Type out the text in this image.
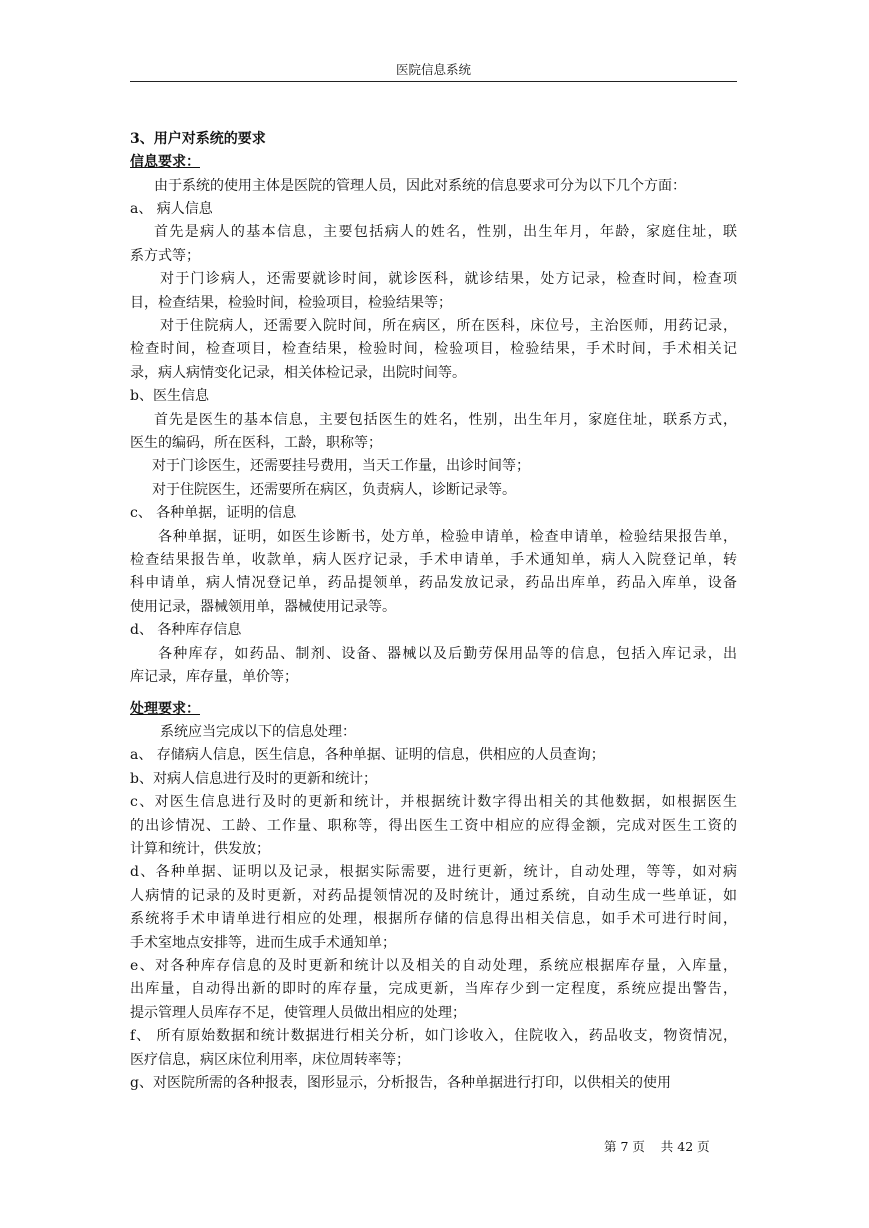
医院信息系统
3、用户对系统的要求
信息要求：
由于系统的使用主体是医院的管理人员，因此对系统的信息要求可分为以下几个方面：
a、 病人信息
首先是病人的基本信息，主要包括病人的姓名，性别，出生年月，年龄，家庭住址，联
系方式等；
对于门诊病人，还需要就诊时间，就诊医科，就诊结果，处方记录，检查时间，检查项
目，检查结果，检验时间，检验项目，检验结果等；
对于住院病人，还需要入院时间，所在病区，所在医科，床位号，主治医师，用药记录，
检查时间，检查项目，检查结果，检验时间，检验项目，检验结果，手术时间，手术相关记
录，病人病情变化记录，相关体检记录，出院时间等。
b、医生信息
首先是医生的基本信息，主要包括医生的姓名，性别，出生年月，家庭住址，联系方式，
医生的编码，所在医科，工龄，职称等；
对于门诊医生，还需要挂号费用，当天工作量，出诊时间等；
对于住院医生，还需要所在病区，负责病人，诊断记录等。
c、 各种单据，证明的信息
各种单据，证明，如医生诊断书，处方单，检验申请单，检查申请单，检验结果报告单，
检查结果报告单，收款单，病人医疗记录，手术申请单，手术通知单，病人入院登记单，转
科申请单，病人情况登记单，药品提领单，药品发放记录，药品出库单，药品入库单，设备
使用记录，器械领用单，器械使用记录等。
d、 各种库存信息
各种库存，如药品、制剂、设备、器械以及后勤劳保用品等的信息，包括入库记录，出
库记录，库存量，单价等；
处理要求：
系统应当完成以下的信息处理：
a、 存储病人信息，医生信息，各种单据、证明的信息，供相应的人员查询；
b、对病人信息进行及时的更新和统计；
c、对医生信息进行及时的更新和统计，并根据统计数字得出相关的其他数据，如根据医生
的出诊情况、工龄、工作量、职称等，得出医生工资中相应的应得金额，完成对医生工资的
计算和统计，供发放；
d、各种单据、证明以及记录，根据实际需要，进行更新，统计，自动处理，等等，如对病
人病情的记录的及时更新，对药品提领情况的及时统计，通过系统，自动生成一些单证，如
系统将手术申请单进行相应的处理，根据所存储的信息得出相关信息，如手术可进行时间，
手术室地点安排等，进而生成手术通知单；
e、对各种库存信息的及时更新和统计以及相关的自动处理，系统应根据库存量，入库量，
出库量，自动得出新的即时的库存量，完成更新，当库存少到一定程度，系统应提出警告，
提示管理人员库存不足，使管理人员做出相应的处理；
f、 所有原始数据和统计数据进行相关分析，如门诊收入，住院收入，药品收支，物资情况，
医疗信息，病区床位利用率，床位周转率等；
g、对医院所需的各种报表，图形显示，分析报告，各种单据进行打印，以供相关的使用
第 7 页    共 42 页
